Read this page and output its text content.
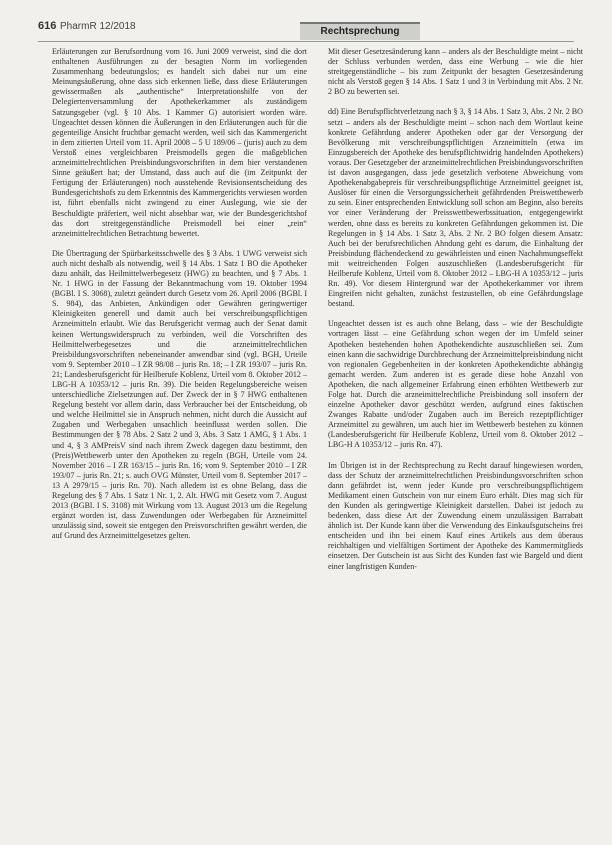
616 PharmR 12/2018	Rechtsprechung

Erläuterungen zur Berufsordnung vom 16. Juni 2009 verweist, sind die dort enthaltenen Ausführungen zu der besagten Norm im vorliegenden Zusammenhang bedeutungslos; es handelt sich dabei nur um eine Meinungsäußerung, ohne dass sich erkennen ließe, dass diese Erläuterungen gewissermaßen als „authentische“ Interpretationshilfe von der Delegiertenversammlung der Apothekerkammer als zuständigem Satzungsgeber (vgl. § 10 Abs. 1 Kammer G) autorisiert worden wäre. Ungeachtet dessen können die Äußerungen in den Erläuterungen auch für die gegenteilige Ansicht fruchtbar gemacht werden, weil sich das Kammergericht in dem zitierten Urteil vom 11. April 2008 – 5 U 189/06 – (juris) auch zu dem Verstoß eines vergleichbaren Preismodells gegen die maßgeblichen arzneimittelrechtlichen Preisbindungsvorschriften in dem hier verstandenen Sinne geäußert hat; der Umstand, dass auch auf die (im Zeitpunkt der Fertigung der Erläuterungen) noch ausstehende Revisionsentscheidung des Bundesgerichtshofs zu dem Erkenntnis des Kammergerichts verwiesen worden ist, führt ebenfalls nicht zwingend zu einer Auslegung, wie sie der Beschuldigte präferiert, weil nicht absehbar war, wie der Bundesgerichtshof das dort streitgegenständliche Preismodell bei einer „rein“ arzneimittelrechtlichen Betrachtung bewertet.

Die Übertragung der Spürbarkeitsschwelle des § 3 Abs. 1 UWG verweist sich auch nicht deshalb als notwendig, weil § 14 Abs. 1 Satz 1 BO die Apotheker dazu anhält, das Heilmittelwerbegesetz (HWG) zu beachten, und § 7 Abs. 1 Nr. 1 HWG in der Fassung der Bekanntmachung vom 19. Oktober 1994 (BGBl. I S. 3068), zuletzt geändert durch Gesetz vom 26. April 2006 (BGBl. I S. 984), das Anbieten, Ankündigen oder Gewähren geringwertiger Kleinigkeiten generell und damit auch bei verschreibungspflichtigen Arzneimitteln erlaubt. Wie das Berufsgericht vermag auch der Senat damit keinen Wertungswiderspruch zu verbinden, weil die Vorschriften des Heilmittelwerbegesetzes und die arzneimittelrechtlichen Preisbildungsvorschriften nebeneinander anwendbar sind (vgl. BGH, Urteile vom 9. September 2010 – I ZR 98/08 – juris Rn. 18; – I ZR 193/07 – juris Rn. 21; Landesberufsgericht für Heilberufe Koblenz, Urteil vom 8. Oktober 2012 – LBG-H A 10353/12 – juris Rn. 39). Die beiden Regelungsbereiche weisen unterschiedliche Zielsetzungen auf. Der Zweck der in § 7 HWG enthaltenen Regelung besteht vor allem darin, dass Verbraucher bei der Entscheidung, ob und welche Heilmittel sie in Anspruch nehmen, nicht durch die Aussicht auf Zugaben und Werbegaben unsachlich beeinflusst werden sollen. Die Bestimmungen der § 78 Abs. 2 Satz 2 und 3, Abs. 3 Satz 1 AMG, § 1 Abs. 1 und 4, § 3 AMPreisV sind nach ihrem Zweck dagegen dazu bestimmt, den (Preis)Wettbewerb unter den Apotheken zu regeln (BGH, Urteile vom 24. November 2016 – I ZR 163/15 – juris Rn. 16; vom 9. September 2010 – I ZR 193/07 – juris Rn. 21; s. auch OVG Münster, Urteil vom 8. September 2017 – 13 A 2979/15 – juris Rn. 70). Nach alledem ist es ohne Belang, dass die Regelung des § 7 Abs. 1 Satz 1 Nr. 1, 2. Alt. HWG mit Gesetz vom 7. August 2013 (BGBl. I S. 3108) mit Wirkung vom 13. August 2013 um die Regelung ergänzt worden ist, dass Zuwendungen oder Werbegaben für Arzneimittel unzulässig sind, soweit sie entgegen den Preisvorschriften gewährt werden, die auf Grund des Arzneimittelgesetzes gelten.

Mit dieser Gesetzesänderung kann – anders als der Beschuldigte meint – nicht der Schluss verbunden werden, dass eine Werbung – wie die hier streitgegenständliche – bis zum Zeitpunkt der besagten Gesetzesänderung nicht als Verstoß gegen § 14 Abs. 1 Satz 1 und 3 in Verbindung mit Abs. 2 Nr. 2 BO zu bewerten sei.

dd) Eine Berufspflichtverletzung nach § 3, § 14 Abs. 1 Satz 3, Abs. 2 Nr. 2 BO setzt – anders als der Beschuldigte meint – schon nach dem Wortlaut keine konkrete Gefährdung anderer Apotheken oder gar der Versorgung der Bevölkerung mit verschreibungspflichtigen Arzneimitteln (etwa im Einzugsbereich der Apotheke des berufspflichtwidrig handelnden Apothekers) voraus. Der Gesetzgeber der arzneimittelrechtlichen Preisbindungsvorschriften ist davon ausgegangen, dass jede gesetzlich verbotene Abweichung vom Apothekenabgabepreis für verschreibungspflichtige Arzneimittel geeignet ist, Auslöser für einen die Versorgungssicherheit gefährdenden Preiswettbewerb zu sein. Einer entsprechenden Entwicklung soll schon am Beginn, also bereits vor einer Veränderung der Preisswettbewerbssituation, entgegengewirkt werden, ohne dass es bereits zu konkreten Gefährdungen gekommen ist. Die Regelungen in § 14 Abs. 1 Satz 3, Abs. 2 Nr. 2 BO folgen diesem Ansatz: Auch bei der berufsrechtlichen Ahndung geht es darum, die Einhaltung der Preisbindung flächendeckend zu gewährleisten und einen Nachahmungseffekt mit weitreichenden Folgen auszuschließen (Landesberufsgericht für Heilberufe Koblenz, Urteil vom 8. Oktober 2012 – LBG-H A 10353/12 – juris Rn. 49). Vor diesem Hintergrund war der Apothekerkammer vor ihrem Eingreifen nicht gehalten, zunächst festzustellen, ob eine Gefährdungslage bestand.

Ungeachtet dessen ist es auch ohne Belang, dass – wie der Beschuldigte vortragen lässt – eine Gefährdung schon wegen der im Umfeld seiner Apotheken bestehenden hohen Apothekendichte auszuschließen sei. Zum einen kann die sachwidrige Durchbrechung der Arzneimittelpreisbindung nicht von regionalen Gegebenheiten in der konkreten Apothekendichte abhängig gemacht werden. Zum anderen ist es gerade diese hohe Anzahl von Apotheken, die nach allgemeiner Erfahrung einen erhöhten Wettbewerb zur Folge hat. Durch die arzneimittelrechtliche Preisbindung soll insofern der einzelne Apotheker davor geschützt werden, aufgrund eines faktischen Zwanges Rabatte und/oder Zugaben auch im Bereich rezeptpflichtiger Arzneimittel zu gewähren, um auch hier im Wettbewerb bestehen zu können (Landesberufsgericht für Heilberufe Koblenz, Urteil vom 8. Oktober 2012 – LBG-H A 10353/12 – juris Rn. 47).

Im Übrigen ist in der Rechtsprechung zu Recht darauf hingewiesen worden, dass der Schutz der arzneimittelrechtlichen Preisbindungsvorschriften schon dann gefährdet ist, wenn jeder Kunde pro verschreibungspflichtigem Medikament einen Gutschein von nur einem Euro erhält. Dies mag sich für den Kunden als geringwertige Kleinigkeit darstellen. Dabei ist jedoch zu bedenken, dass diese Art der Zuwendung einem unzulässigen Barrabatt ähnlich ist. Der Kunde kann über die Verwendung des Einkaufsgutscheins frei entscheiden und ihn bei einem Kauf eines Artikels aus dem überaus reichhaltigen und vielfältigen Sortiment der Apotheke des Kammermitglieds einsetzen. Der Gutschein ist aus Sicht des Kunden fast wie Bargeld und dient einer langfristigen Kunden-
